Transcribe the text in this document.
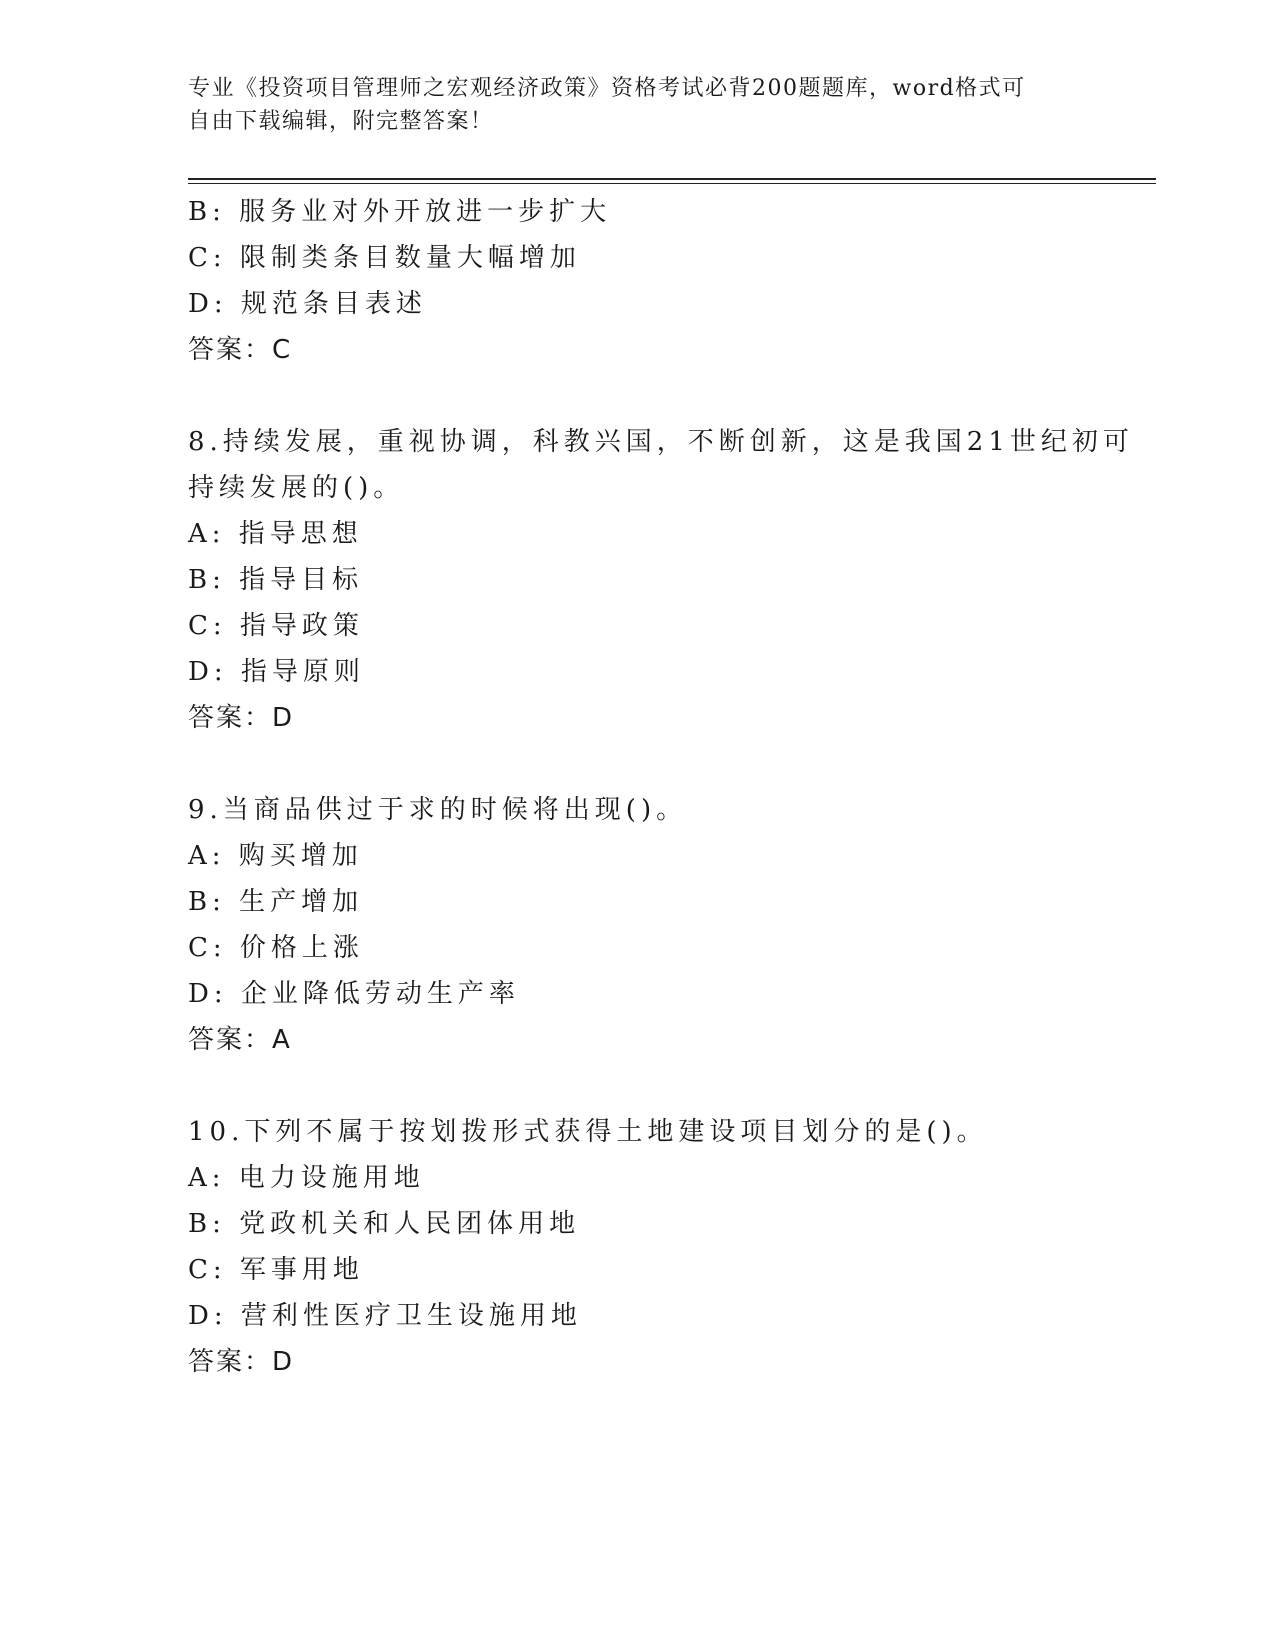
专业《投资项目管理师之宏观经济政策》资格考试必背200题题库，word格式可
自由下载编辑，附完整答案！
B: 服务业对外开放进一步扩大
C: 限制类条目数量大幅增加
D: 规范条目表述
答案：C
8.持续发展，重视协调，科教兴国，不断创新，这是我国21世纪初可
持续发展的()。
A: 指导思想
B: 指导目标
C: 指导政策
D: 指导原则
答案：D
9.当商品供过于求的时候将出现()。
A: 购买增加
B: 生产增加
C: 价格上涨
D: 企业降低劳动生产率
答案：A
10.下列不属于按划拨形式获得土地建设项目划分的是()。
A: 电力设施用地
B: 党政机关和人民团体用地
C: 军事用地
D: 营利性医疗卫生设施用地
答案：D
